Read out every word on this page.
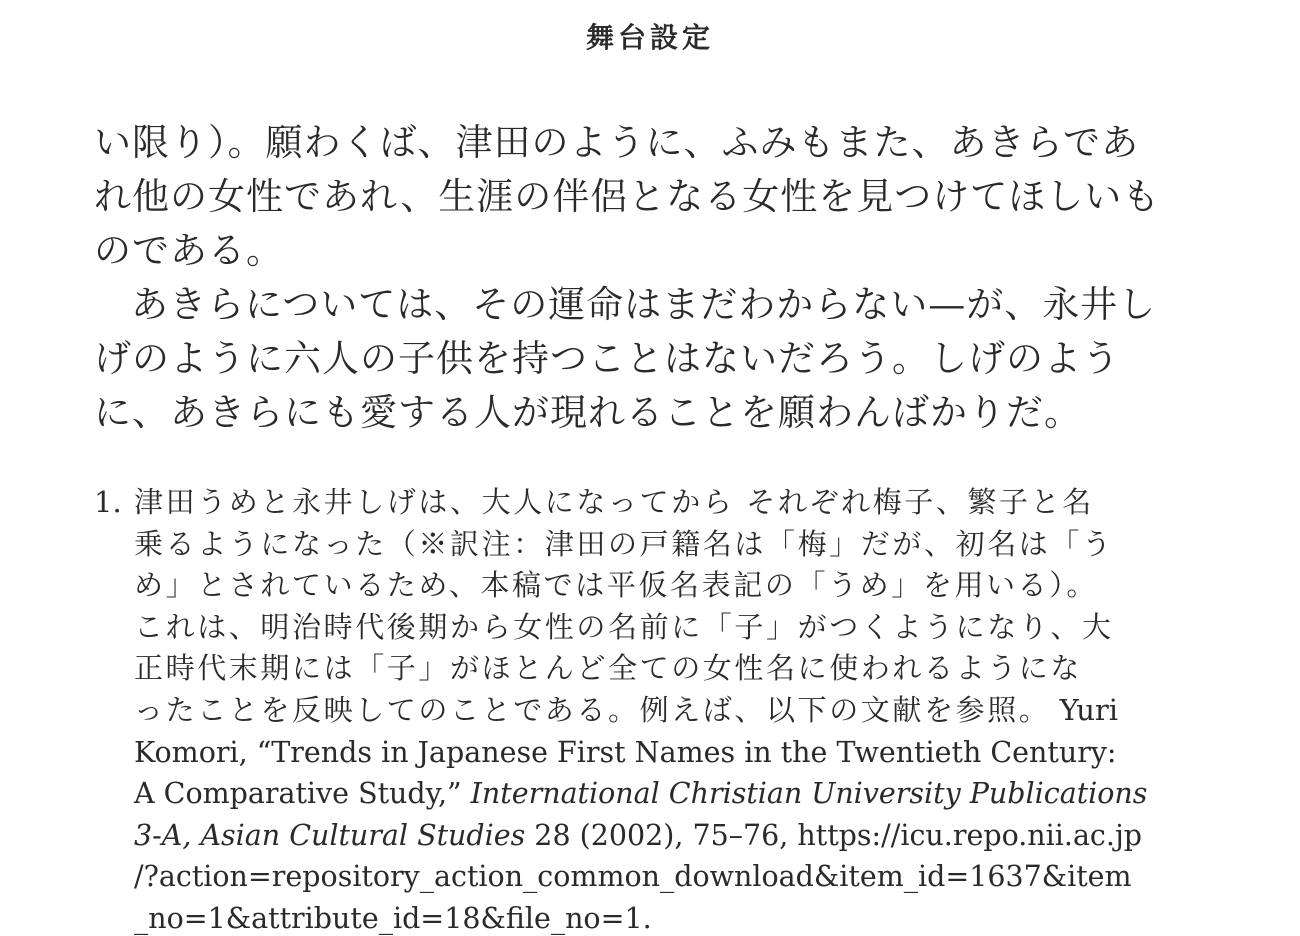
舞台設定

い限り）。願わくば、津田のように、ふみもまた、あきらであ
れ他の女性であれ、生涯の伴侶となる女性を見つけてほしいも
のである。

あきらについては、その運命はまだわからない—が、永井し
げのように六人の子供を持つことはないだろう。しげのよう
に、あきらにも愛する人が現れることを願わんばかりだ。

1. 津田うめと永井しげは、大人になってから それぞれ梅子、繁子と名
乗るようになった（※訳注：津田の戸籍名は「梅」だが、初名は「う
め」とされているため、本稿では平仮名表記の「うめ」を用いる）。
これは、明治時代後期から女性の名前に「子」がつくようになり、大
正時代末期には「子」がほとんど全ての女性名に使われるようにな
ったことを反映してのことである。例えば、以下の文献を参照。 Yuri
Komori, “Trends in Japanese First Names in the Twentieth Century:
A Comparative Study,” International Christian University Publications
3-A, Asian Cultural Studies 28 (2002), 75–76, https://icu.repo.nii.ac.jp
/?action=repository_action_common_download&item_id=1637&item
_no=1&attribute_id=18&file_no=1.
